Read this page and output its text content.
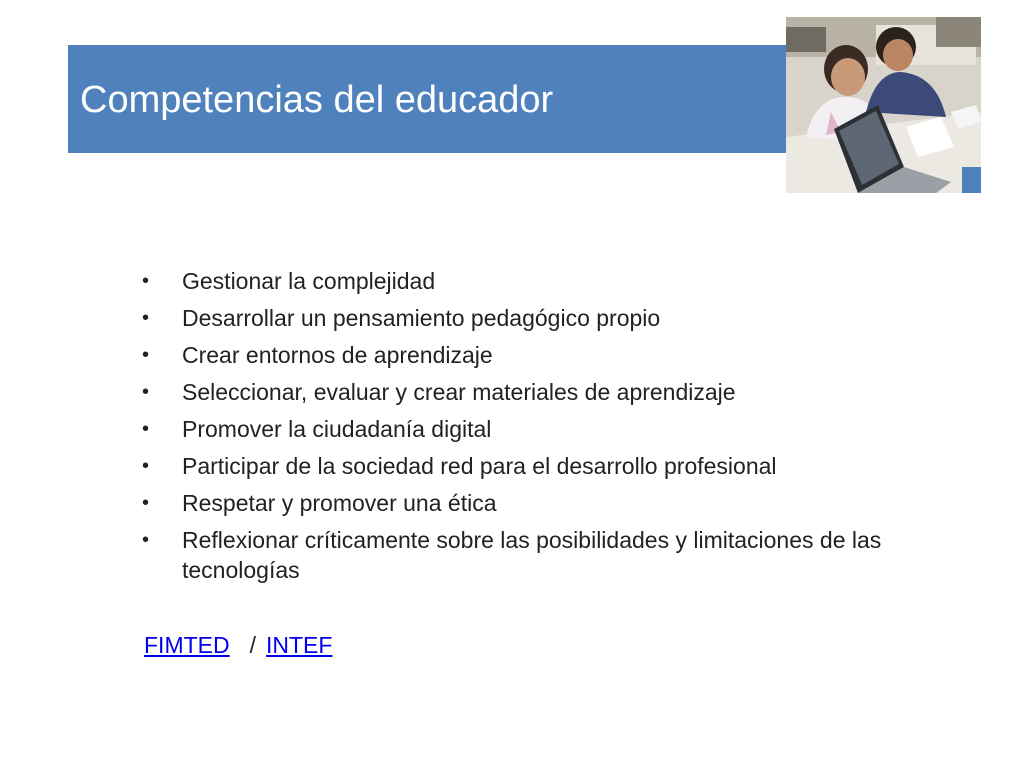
Competencias del educador
• Gestionar la complejidad
• Desarrollar un pensamiento pedagógico propio
• Crear entornos de aprendizaje
• Seleccionar, evaluar y crear materiales de aprendizaje
• Promover la ciudadanía digital
• Participar de la sociedad red para el desarrollo profesional
• Respetar y promover una ética
• Reflexionar críticamente sobre las posibilidades y limitaciones de las tecnologías
FIMTED / INTEF
